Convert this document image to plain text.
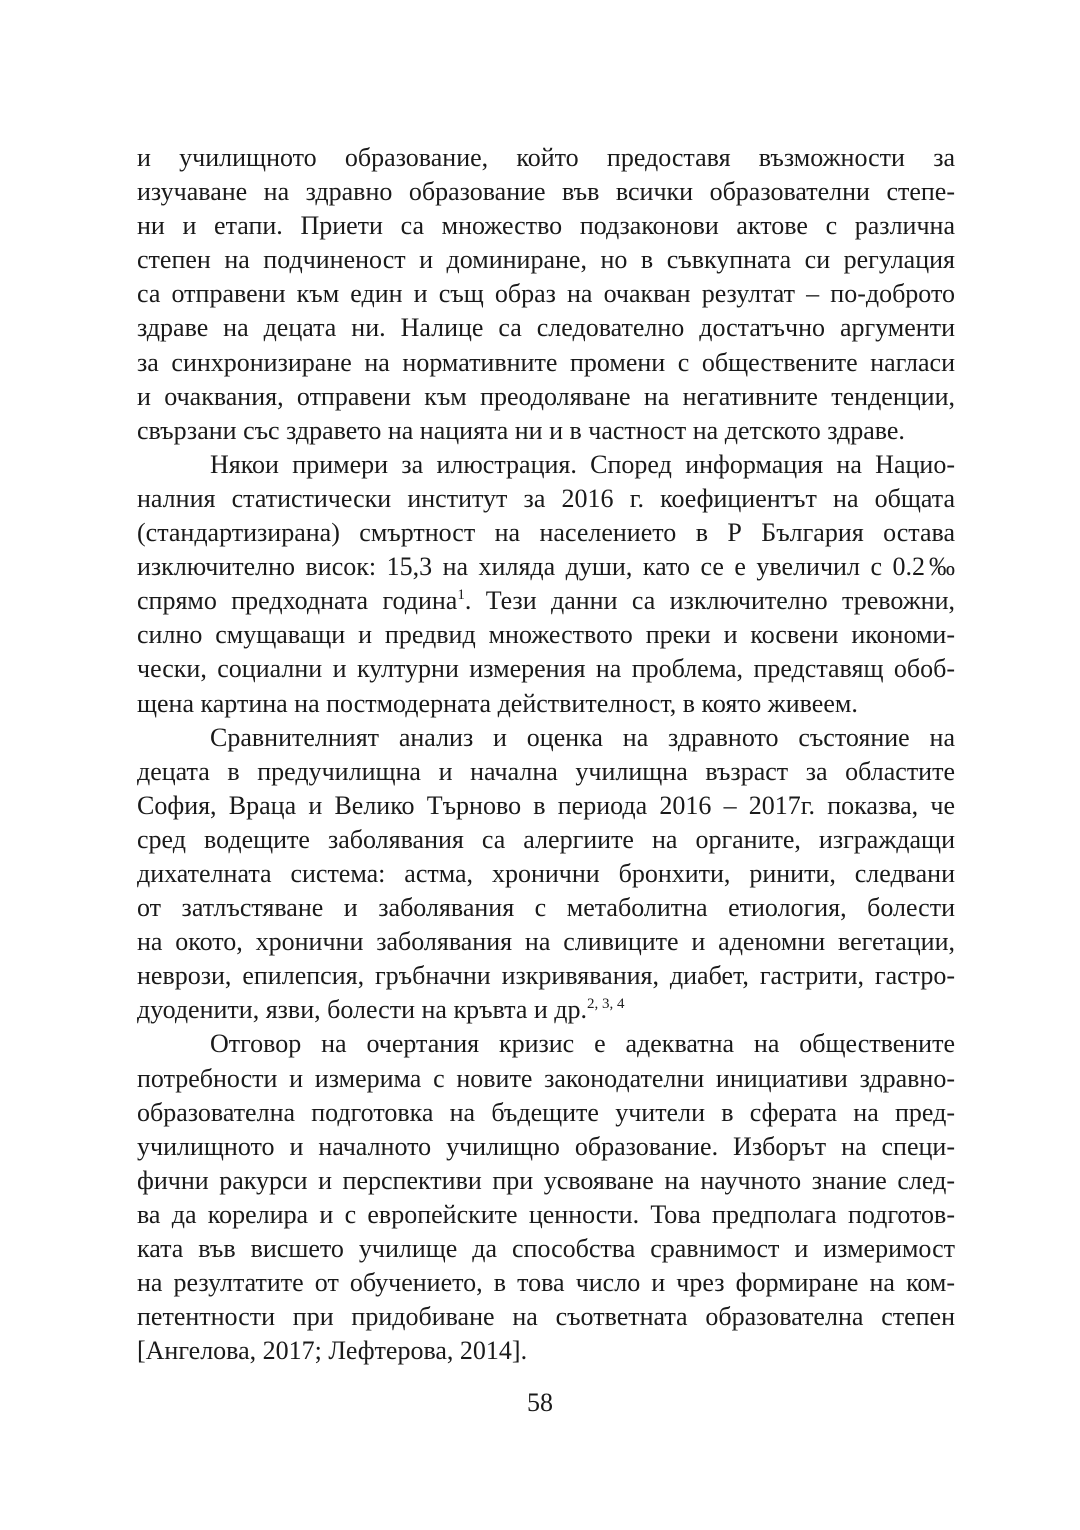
и училищното образование, който предоставя възможности за
изучаване на здравно образование във всички образователни степе-
ни и етапи. Приети са множество подзаконови актове с различна
степен на подчиненост и доминиране, но в съвкупната си регулация
са отправени към един и същ образ на очакван резултат – по-доброто
здраве на децата ни. Налице са следователно достатъчно аргументи
за синхронизиране на нормативните промени с обществените нагласи
и очаквания, отправени към преодоляване на негативните тенденции,
свързани със здравето на нацията ни и в частност на детското здраве.
Някои примери за илюстрация. Според информация на Нацио-
налния статистически институт за 2016 г. коефициентът на общата
(стандартизирана) смъртност на населението в Р България остава
изключително висок: 15,3 на хиляда души, като се е увеличил с 0.2‰
спрямо предходната година$^1$. Тези данни са изключително тревожни,
силно смущаващи и предвид множеството преки и косвени икономи-
чески, социални и културни измерения на проблема, представящ обоб-
щена картина на постмодерната действителност, в която живеем.
Сравнителният анализ и оценка на здравното състояние на
децата в предучилищна и начална училищна възраст за областите
София, Враца и Велико Търново в периода 2016 – 2017г. показва, че
сред водещите заболявания са алергиите на органите, изграждащи
дихателната система: астма, хронични бронхити, ринити, следвани
от затлъстяване и заболявания с метаболитна етиология, болести
на окото, хронични заболявания на сливиците и аденомни вегетации,
неврози, епилепсия, гръбначни изкривявания, диабет, гастрити, гастро-
дуоденити, язви, болести на кръвта и др.$^{2, 3, 4}$
Отговор на очертания кризис е адекватна на обществените
потребности и измерима с новите законодателни инициативи здравно-
образователна подготовка на бъдещите учители в сферата на пред-
училищното и началното училищно образование. Изборът на специ-
фични ракурси и перспективи при усвояване на научното знание след-
ва да корелира и с европейските ценности. Това предполага подготов-
ката във висшето училище да способства сравнимост и измеримост
на резултатите от обучението, в това число и чрез формиране на ком-
петентности при придобиване на съответната образователна степен
[Ангелова, 2017; Лефтерова, 2014].
58
